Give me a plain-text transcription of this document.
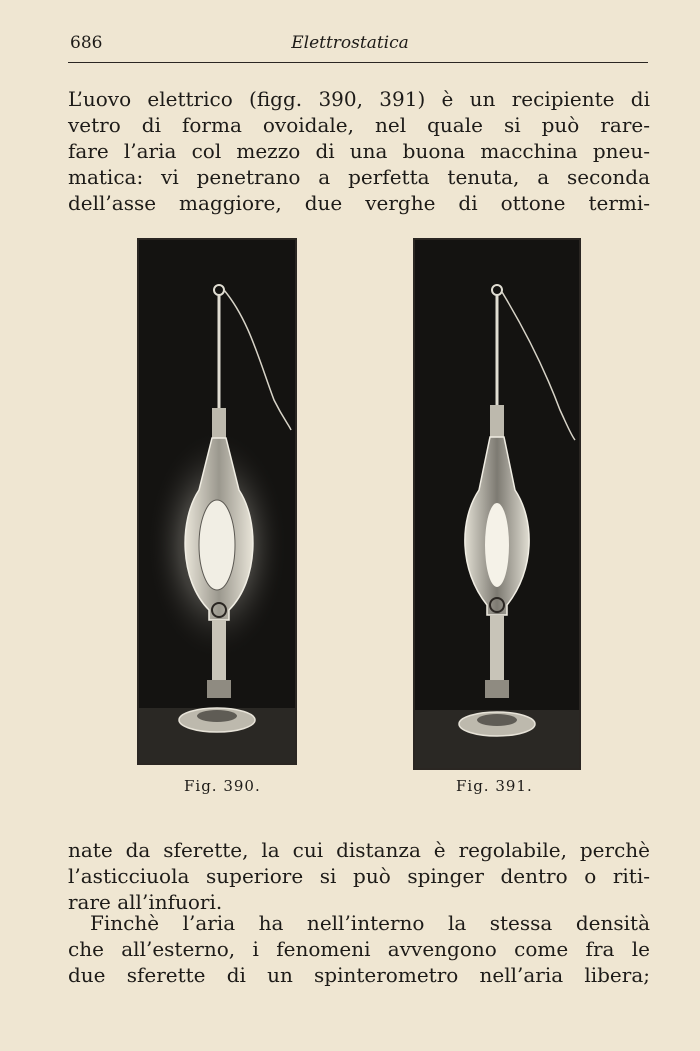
686	Elettrostatica
L’uovo elettrico (figg. 390, 391) è un recipiente di
vetro di forma ovoidale, nel quale si può rare-
fare l’aria col mezzo di una buona macchina pneu-
matica: vi penetrano a perfetta tenuta, a seconda
dell’asse maggiore, due verghe di ottone termi-
Fig. 390.	Fig. 391.
nate da sferette, la cui distanza è regolabile, perchè
l’asticciuola superiore si può spinger dentro o riti-
rare all’infuori.
Finchè l’aria ha nell’interno la stessa densità
che all’esterno, i fenomeni avvengono come fra le
due sferette di un spinterometro nell’aria libera;
